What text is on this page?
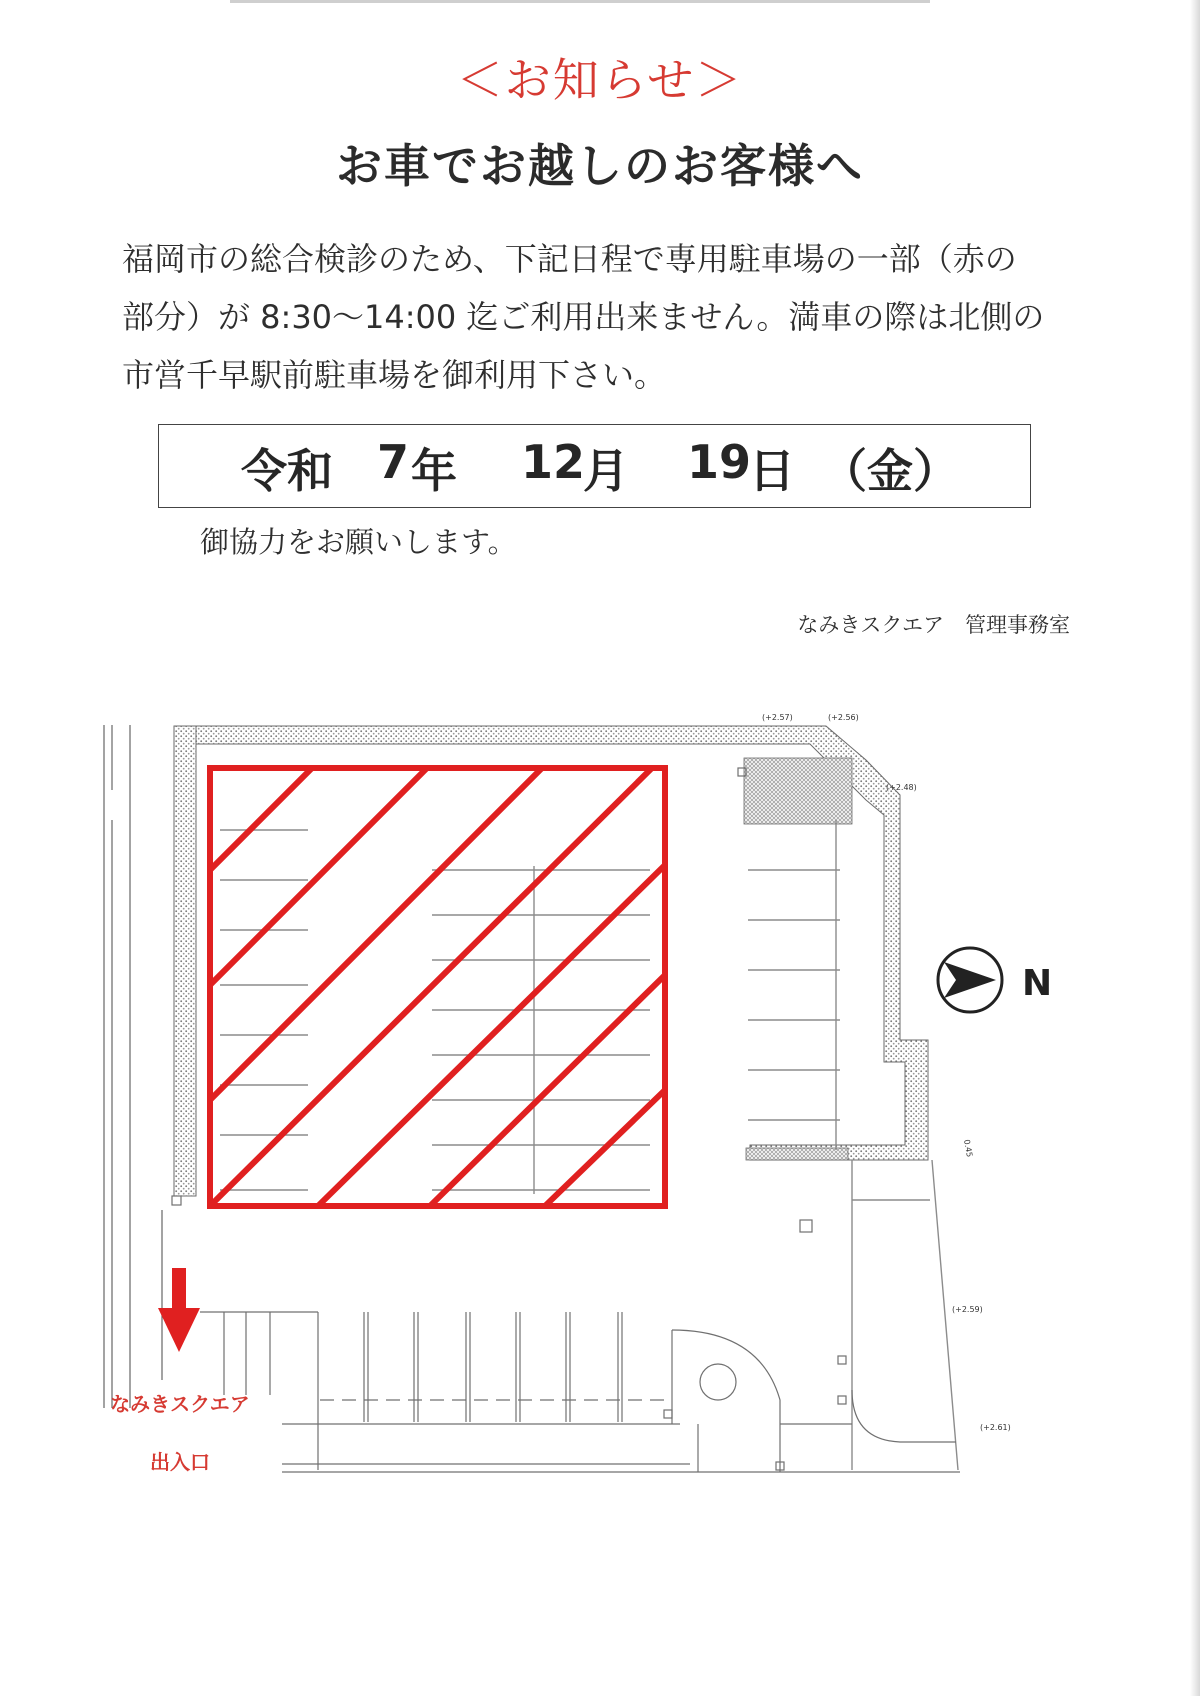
＜お知らせ＞
お車でお越しのお客様へ
福岡市の総合検診のため、下記日程で専用駐車場の一部（赤の
部分）が 8:30～14:00 迄ご利用出来ません。満車の際は北側の
市営千早駅前駐車場を御利用下さい。
令和 7 年 12
月 19
日 （金）
御協力をお願いします。
なみきスクエア　管理事務室
(+2.57)	(+2.56)
(+2.48)
0.45
(+2.59)
(+2.61)
N
なみきスクエア
出入口
